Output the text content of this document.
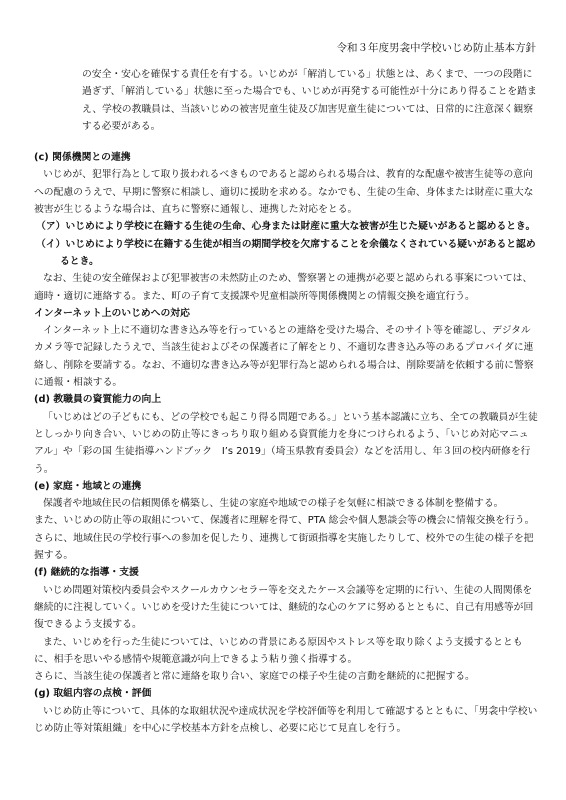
令和３年度男衾中学校いじめ防止基本方針

の安全・安心を確保する責任を有する。いじめが「解消している」状態とは、あくまで、一つの段階に過ぎず、「解消している」状態に至った場合でも、いじめが再発する可能性が十分にあり得ることを踏まえ、学校の教職員は、当該いじめの被害児童生徒及び加害児童生徒については、日常的に注意深く観察する必要がある。

(c) 関係機関との連携

いじめが、犯罪行為として取り扱われるべきものであると認められる場合は、教育的な配慮や被害生徒等の意向への配慮のうえで、早期に警察に相談し、適切に援助を求める。なかでも、生徒の生命、身体または財産に重大な被害が生じるような場合は、直ちに警察に通報し、連携した対応をとる。

（ア）いじめにより学校に在籍する生徒の生命、心身または財産に重大な被害が生じた疑いがあると認めるとき。

（イ）いじめにより学校に在籍する生徒が相当の期間学校を欠席することを余儀なくされている疑いがあると認めるとき。

なお、生徒の安全確保および犯罪被害の未然防止のため、警察署との連携が必要と認められる事案については、適時・適切に連絡する。また、町の子育て支援課や児童相談所等関係機関との情報交換を適宜行う。

インターネット上のいじめへの対応

インターネット上に不適切な書き込み等を行っているとの連絡を受けた場合、そのサイト等を確認し、デジタルカメラ等で記録したうえで、当該生徒およびその保護者に了解をとり、不適切な書き込み等のあるプロバイダに連絡し、削除を要請する。なお、不適切な書き込み等が犯罪行為と認められる場合は、削除要請を依頼する前に警察に通報・相談する。

(d) 教職員の資質能力の向上

「いじめはどの子どもにも、どの学校でも起こり得る問題である。」という基本認識に立ち、全ての教職員が生徒としっかり向き合い、いじめの防止等にきっちり取り組める資質能力を身につけられるよう、「いじめ対応マニュアル」や「彩の国 生徒指導ハンドブック　I’s 2019」（埼玉県教育委員会）などを活用し、年３回の校内研修を行う。

(e) 家庭・地域との連携

保護者や地域住民の信頼関係を構築し、生徒の家庭や地域での様子を気軽に相談できる体制を整備する。

また、いじめの防止等の取組について、保護者に理解を得て、PTA 総会や個人懇談会等の機会に情報交換を行う。さらに、地域住民の学校行事への参加を促したり、連携して街頭指導を実施したりして、校外での生徒の様子を把握する。

(f) 継続的な指導・支援

いじめ問題対策校内委員会やスクールカウンセラー等を交えたケース会議等を定期的に行い、生徒の人間関係を継続的に注視していく。いじめを受けた生徒については、継続的な心のケアに努めるとともに、自己有用感等が回復できるよう支援する。

また、いじめを行った生徒については、いじめの背景にある原因やストレス等を取り除くよう支援するとともに、相手を思いやる感情や規範意識が向上できるよう粘り強く指導する。

さらに、当該生徒の保護者と常に連絡を取り合い、家庭での様子や生徒の言動を継続的に把握する。

(g) 取組内容の点検・評価

いじめ防止等について、具体的な取組状況や達成状況を学校評価等を利用して確認するとともに、「男衾中学校いじめ防止等対策組織」を中心に学校基本方針を点検し、必要に応じて見直しを行う。
